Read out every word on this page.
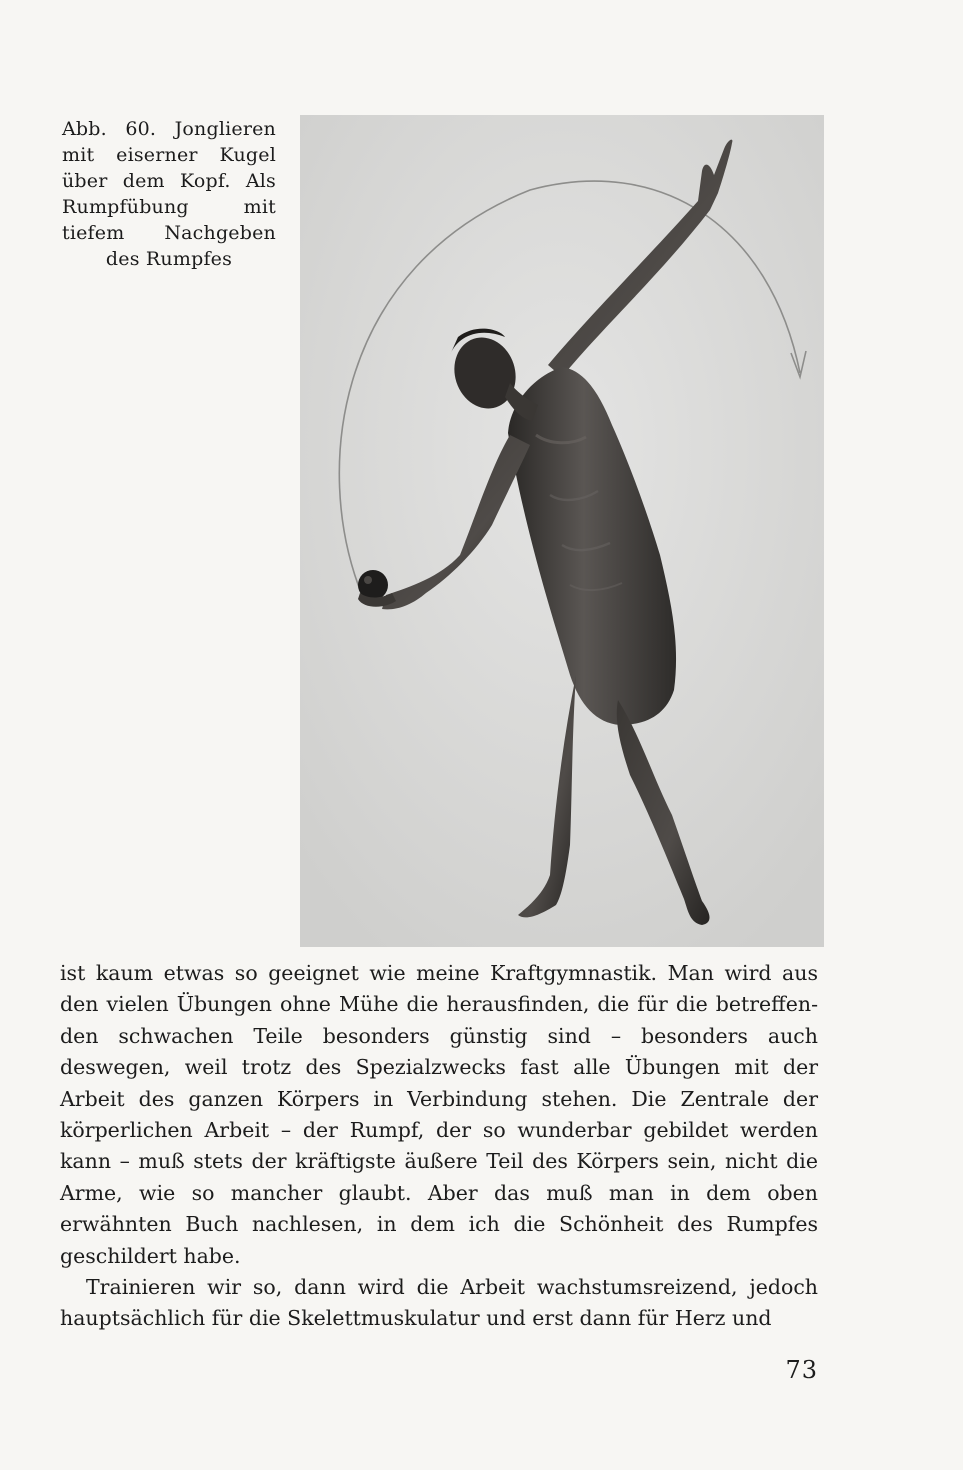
Abb. 60. Jonglieren mit eiserner Kugel über dem Kopf. Als Rumpfübung mit tiefem Nachgeben des Rumpfes

ist kaum etwas so geeignet wie meine Kraftgymnastik. Man wird aus den vielen Übungen ohne Mühe die herausfinden, die für die betreffen- den schwachen Teile besonders günstig sind – besonders auch deswegen, weil trotz des Spezialzwecks fast alle Übungen mit der Arbeit des ganzen Körpers in Verbindung stehen. Die Zentrale der körperlichen Arbeit – der Rumpf, der so wunderbar gebildet werden kann – muß stets der kräftigste äußere Teil des Körpers sein, nicht die Arme, wie so mancher glaubt. Aber das muß man in dem oben erwähnten Buch nachlesen, in dem ich die Schönheit des Rumpfes geschildert habe.

Trainieren wir so, dann wird die Arbeit wachstumsreizend, jedoch hauptsächlich für die Skelettmuskulatur und erst dann für Herz und

73
